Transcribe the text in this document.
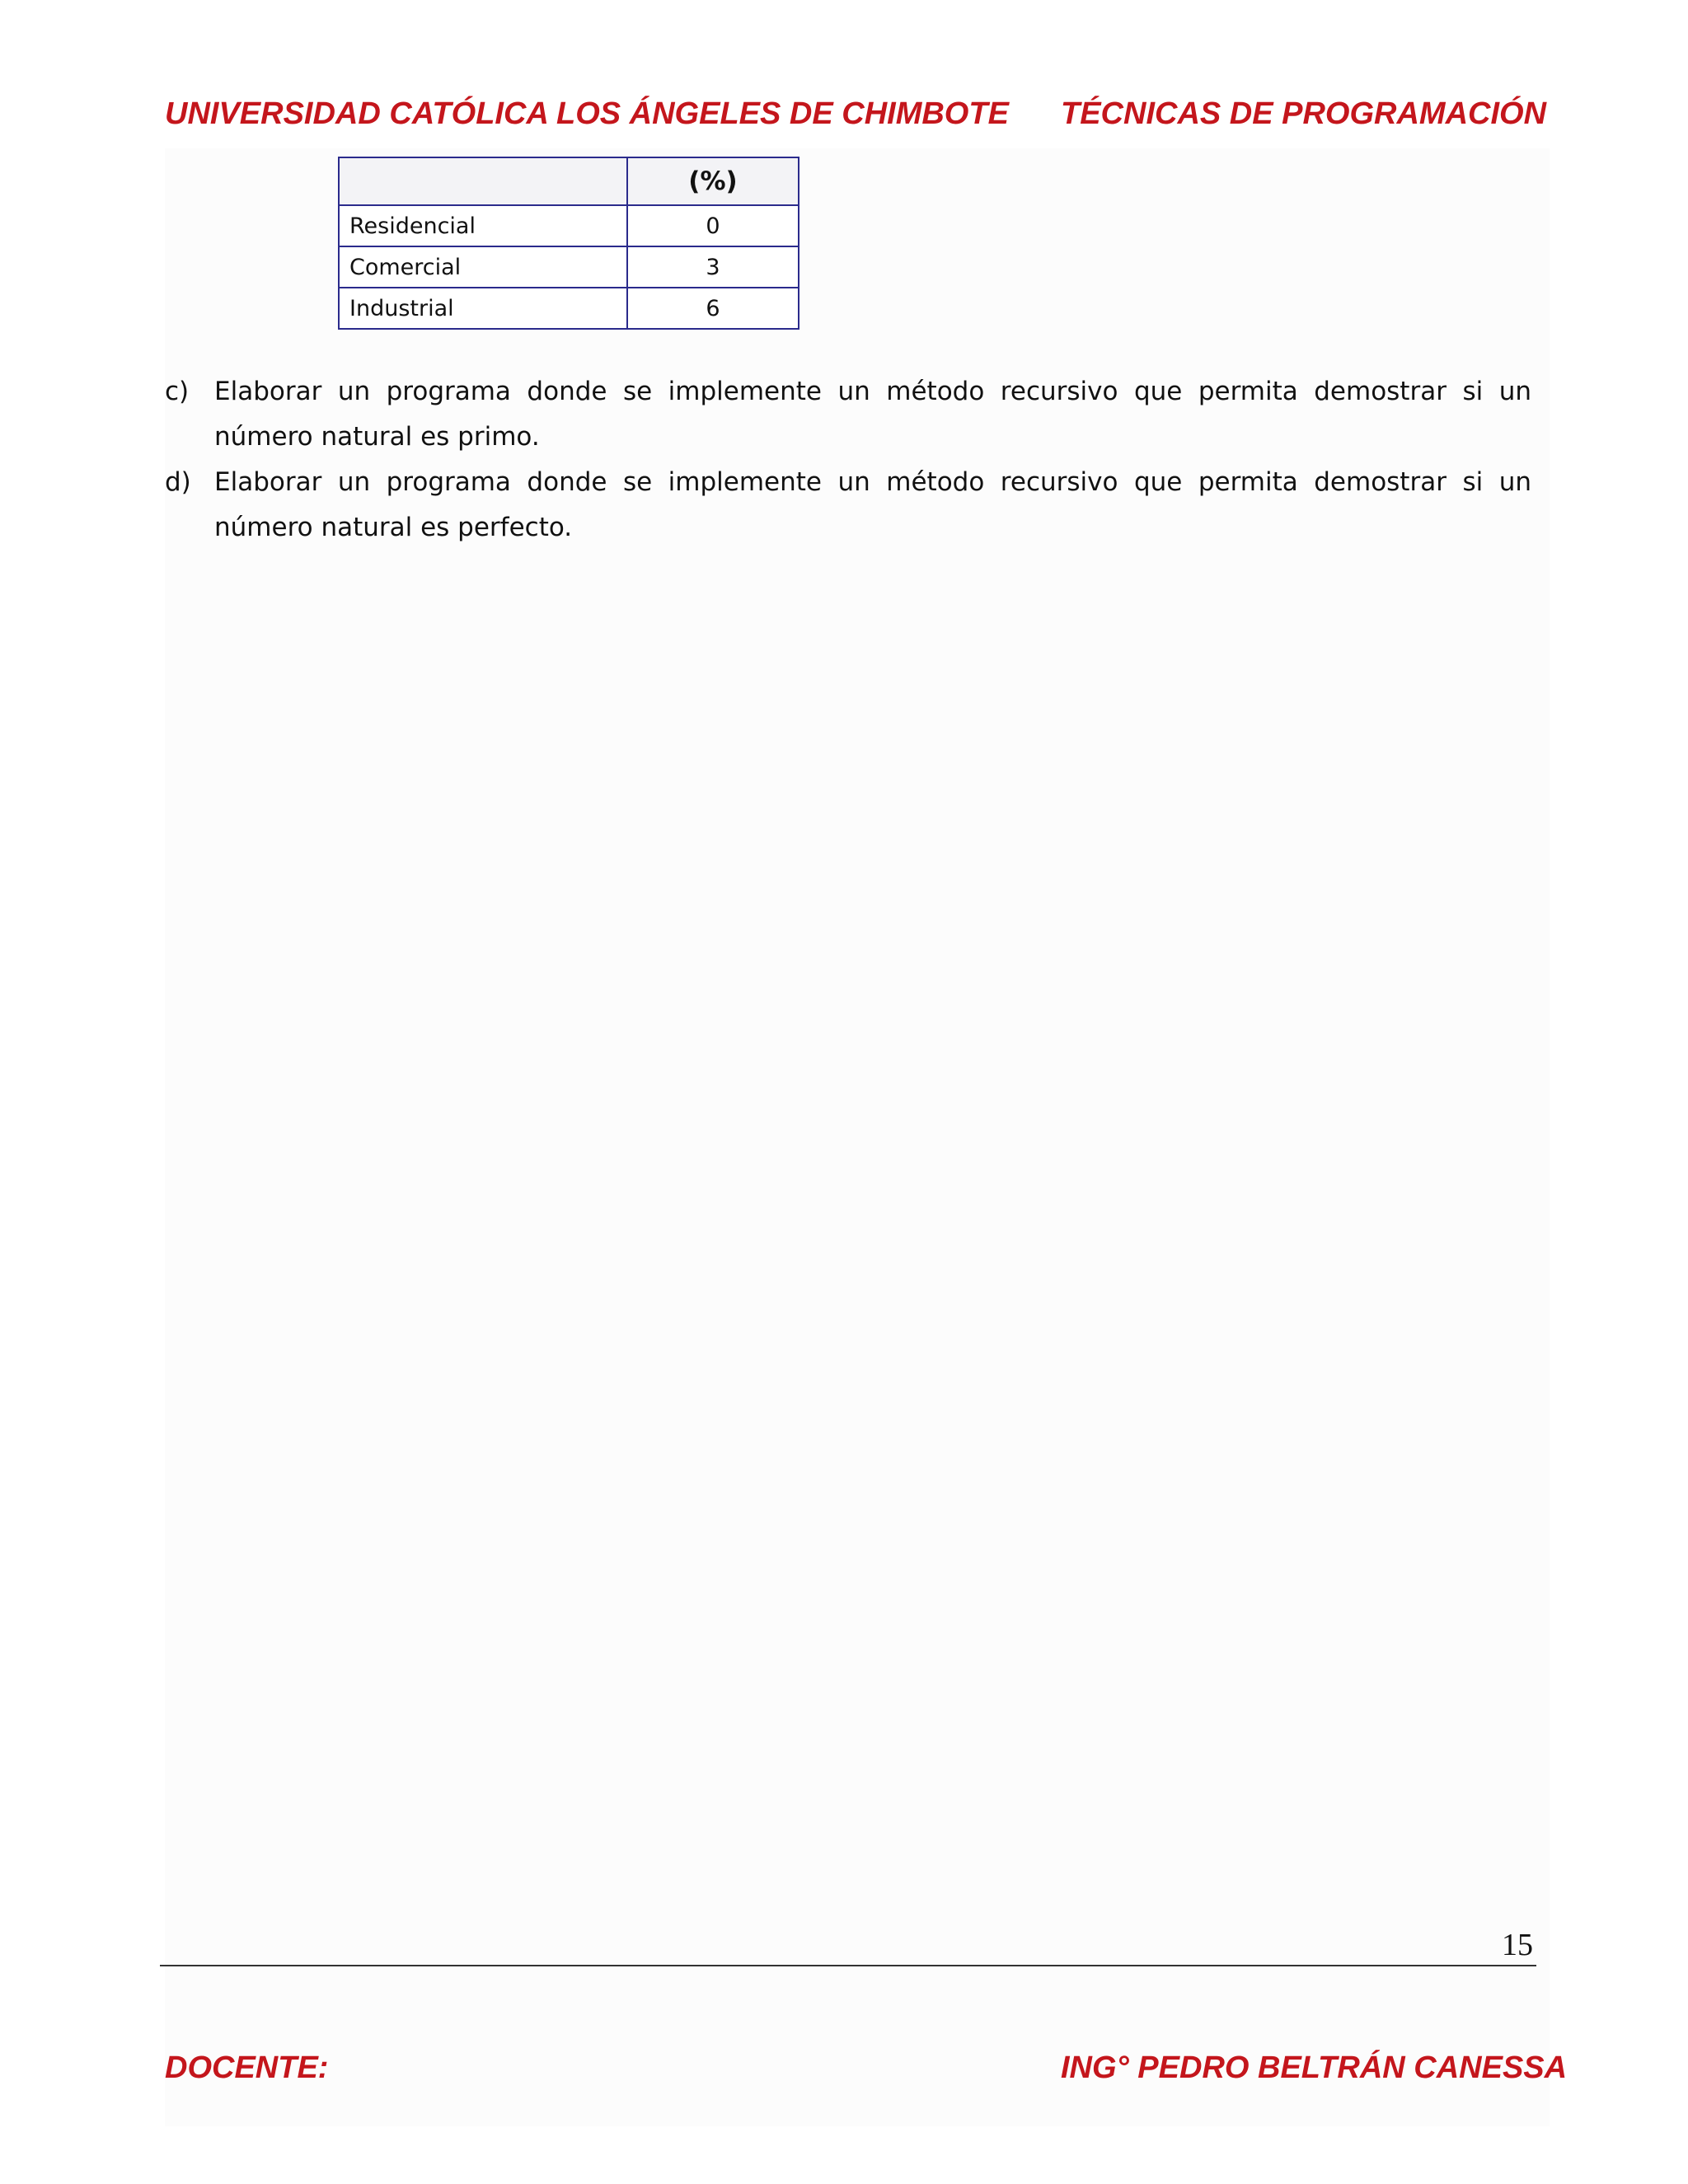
UNIVERSIDAD CATÓLICA LOS ÁNGELES DE CHIMBOTE TÉCNICAS DE PROGRAMACIÓN
	(%)
Residencial	0
Comercial	3
Industrial	6
c) Elaborar un programa donde se implemente un método recursivo que permita demostrar si un número natural es primo.
d) Elaborar un programa donde se implemente un método recursivo que permita demostrar si un número natural es perfecto.
15
DOCENTE:	ING° PEDRO BELTRÁN CANESSA
